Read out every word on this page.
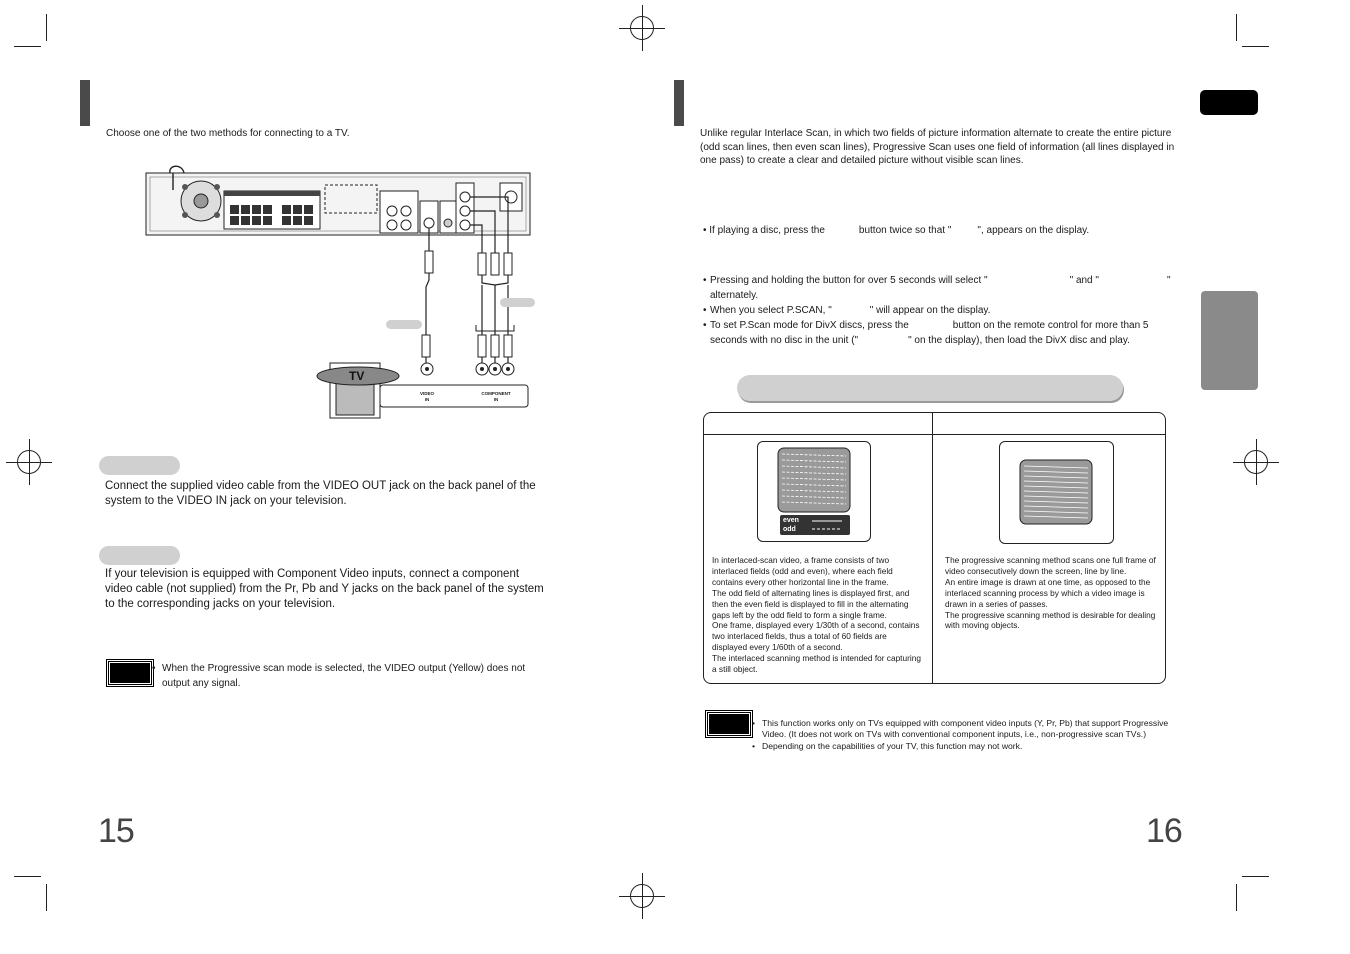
Choose one of the two methods for connecting to a TV.
TV
VIDEO
IN
COMPONENT
IN
Connect the supplied video cable from the VIDEO OUT jack on the back panel of the system to the VIDEO IN jack on your television.
If your television is equipped with Component Video inputs, connect a component video cable (not supplied) from the Pr, Pb and Y jacks on the back panel of the system to the corresponding jacks on your television.
• When the Progressive scan mode is selected, the VIDEO output (Yellow) does not output any signal.
15
Unlike regular Interlace Scan, in which two fields of picture information alternate to create the entire picture (odd scan lines, then even scan lines), Progressive Scan uses one field of information (all lines displayed in one pass) to create a clear and detailed picture without visible scan lines.
• If playing a disc, press the	button twice so that "	", appears on the display.
• Pressing and holding the button for over 5 seconds will select "	" and "	" alternately.
• When you select P.SCAN, "	" will appear on the display.
• To set P.Scan mode for DivX discs, press the	button on the remote control for more than 5 seconds with no disc in the unit ("	" on the display), then load the DivX disc and play.
even
odd
In interlaced-scan video, a frame consists of two interlaced fields (odd and even), where each field contains every other horizontal line in the frame.
The odd field of alternating lines is displayed first, and then the even field is displayed to fill in the alternating gaps left by the odd field to form a single frame.
One frame, displayed every 1/30th of a second, contains two interlaced fields, thus a total of 60 fields are displayed every 1/60th of a second.
The interlaced scanning method is intended for capturing a still object.
The progressive scanning method scans one full frame of video consecutively down the screen, line by line.
An entire image is drawn at one time, as opposed to the interlaced scanning process by which a video image is drawn in a series of passes.
The progressive scanning method is desirable for dealing with moving objects.
• This function works only on TVs equipped with component video inputs (Y, Pr, Pb) that support Progressive Video. (It does not work on TVs with conventional component inputs, i.e., non-progressive scan TVs.)
• Depending on the capabilities of your TV, this function may not work.
16
